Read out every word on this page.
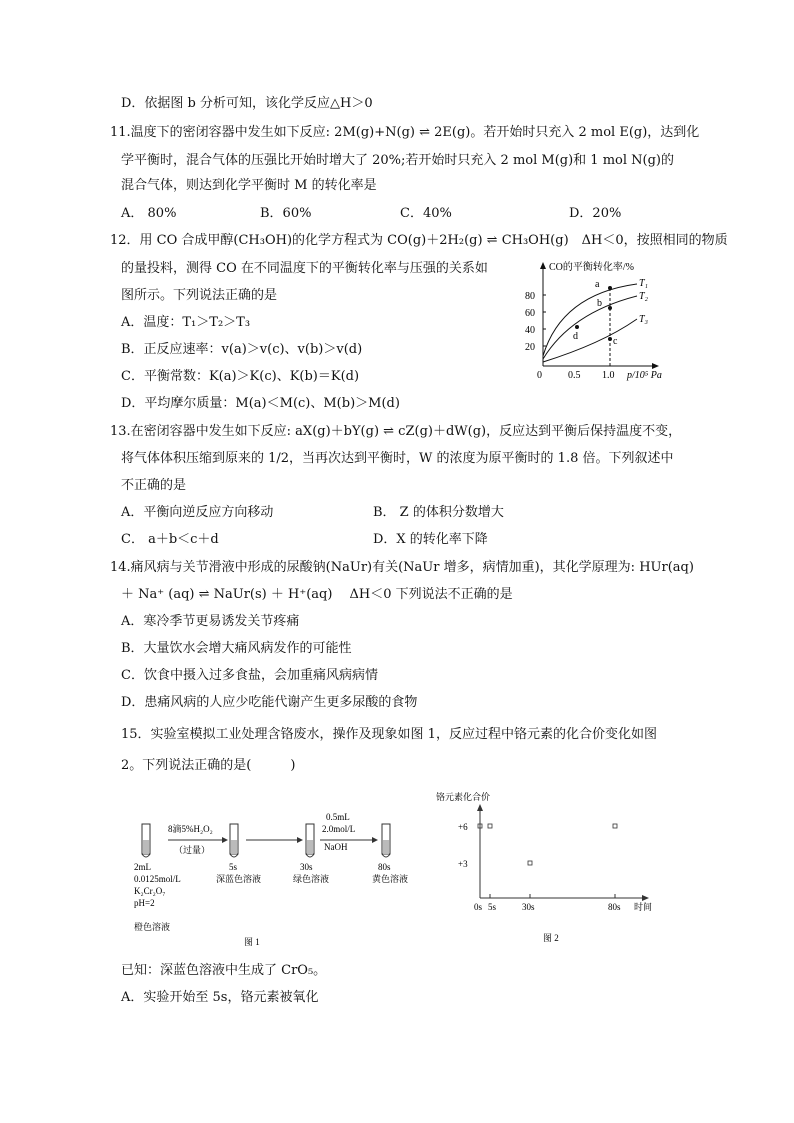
D．依据图 b 分析可知，该化学反应△H＞0
11.温度下的密闭容器中发生如下反应: 2M(g)+N(g) ⇌ 2E(g)。若开始时只充入 2 mol E(g)，达到化
学平衡时，混合气体的压强比开始时增大了 20%;若开始时只充入 2 mol M(g)和 1 mol N(g)的
混合气体，则达到化学平衡时 M 的转化率是
A． 80%	B．60%	C．40%	D．20%
12．用 CO 合成甲醇(CH₃OH)的化学方程式为 CO(g)＋2H₂(g) ⇌ CH₃OH(g)　ΔH＜0，按照相同的物质
的量投料，测得 CO 在不同温度下的平衡转化率与压强的关系如
图所示。下列说法正确的是
A．温度：T₁＞T₂＞T₃
B．正反应速率：v(a)＞v(c)、v(b)＞v(d)
C．平衡常数：K(a)＞K(c)、K(b)＝K(d)
D．平均摩尔质量：M(a)＜M(c)、M(b)＞M(d)
CO的平衡转化率/%
20
40
60
80
0	0.5 1.0 p/10⁵ Pa
a
b
c
d
T₁
T₂
T₃
13.在密闭容器中发生如下反应: aX(g)＋bY(g) ⇌ cZ(g)＋dW(g)，反应达到平衡后保持温度不变，
将气体体积压缩到原来的 1/2，当再次达到平衡时，W 的浓度为原平衡时的 1.8 倍。下列叙述中
不正确的是
A．平衡向逆反应方向移动	B． Z 的体积分数增大
C． a＋b＜c＋d	D．X 的转化率下降
14.痛风病与关节滑液中形成的尿酸钠(NaUr)有关(NaUr 增多，病情加重)，其化学原理为: HUr(aq)
＋ Na⁺ (aq) ⇌ NaUr(s) ＋ H⁺(aq)　 ΔH＜0 下列说法不正确的是
A．寒冷季节更易诱发关节疼痛
B．大量饮水会增大痛风病发作的可能性
C．饮食中摄入过多食盐，会加重痛风病病情
D．患痛风病的人应少吃能代谢产生更多尿酸的食物
15．实验室模拟工业处理含铬废水，操作及现象如图 1，反应过程中铬元素的化合价变化如图
2。下列说法正确的是(　　　)
8滴5%H₂O₂
（过量）
0.5mL
2.0mol/L
NaOH
2mL
0.0125mol/L
K₂Cr₂O₇
pH=2
橙色溶液
5s
深蓝色溶液
30s
绿色溶液
80s
黄色溶液
图 1
铬元素化合价
+6
+3
0s 5s	30s	80s 时间
图 2
已知：深蓝色溶液中生成了 CrO₅。
A．实验开始至 5s，铬元素被氧化
